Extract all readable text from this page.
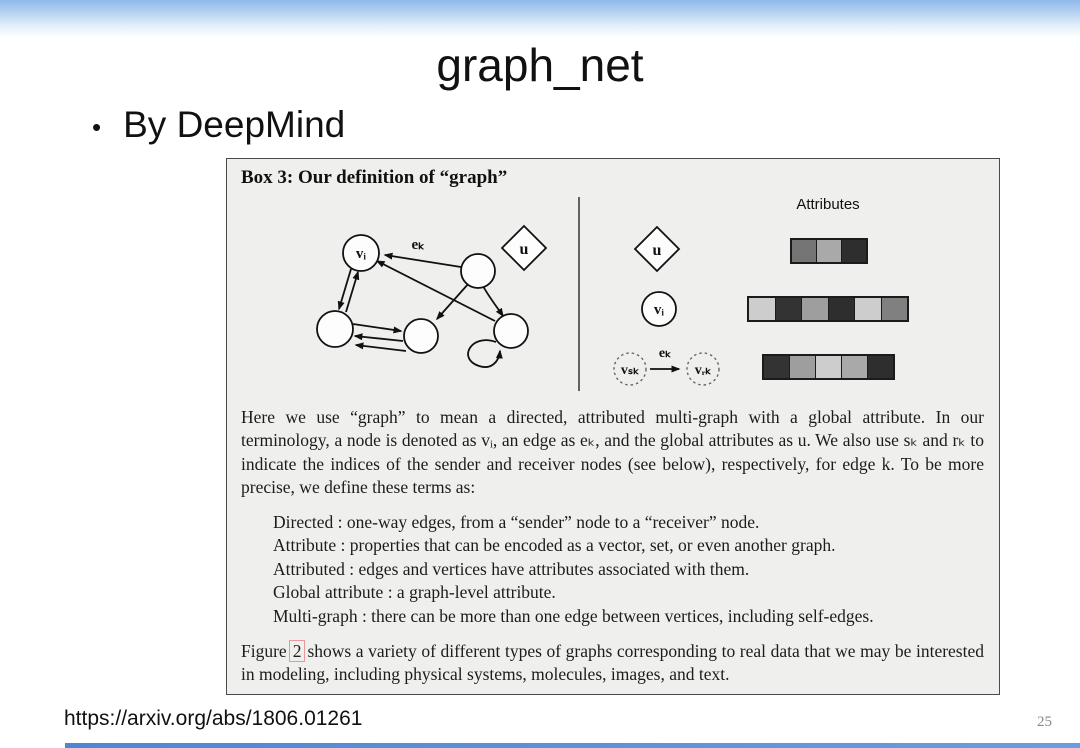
graph_net
• By DeepMind
Box 3: Our definition of “graph”
vᵢ
eₖ	u
Attributes
u
vᵢ
vₛₖ
eₖ
vᵣₖ
Here we use “graph” to mean a directed, attributed multi-graph with a global attribute. In our terminology, a node is denoted as vᵢ, an edge as eₖ, and the global attributes as u. We also use sₖ and rₖ to indicate the indices of the sender and receiver nodes (see below), respectively, for edge k. To be more precise, we define these terms as:
Directed : one-way edges, from a “sender” node to a “receiver” node.
Attribute : properties that can be encoded as a vector, set, or even another graph.
Attributed : edges and vertices have attributes associated with them.
Global attribute : a graph-level attribute.
Multi-graph : there can be more than one edge between vertices, including self-edges.
Figure 2 shows a variety of different types of graphs corresponding to real data that we may be interested in modeling, including physical systems, molecules, images, and text.
https://arxiv.org/abs/1806.01261	25
